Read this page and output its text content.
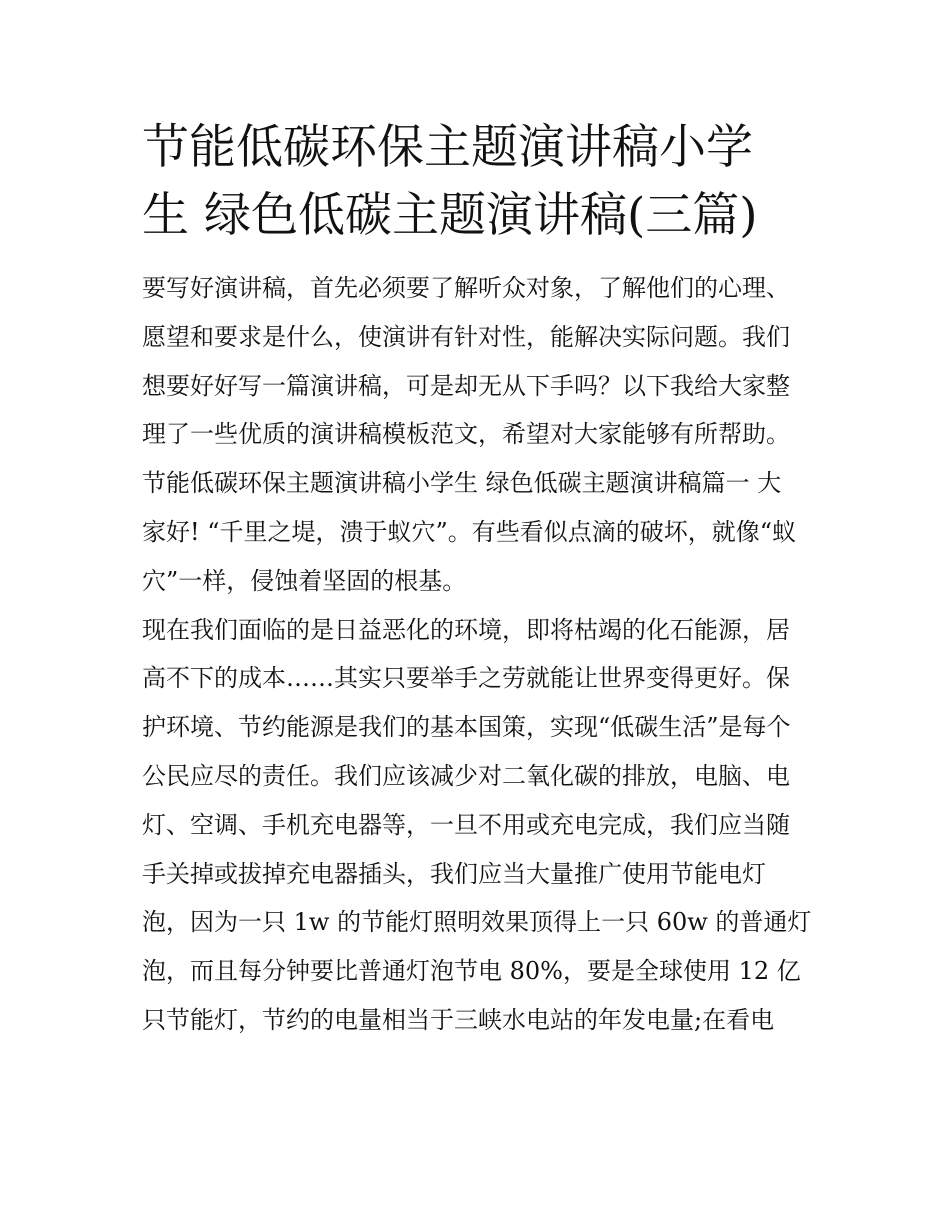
节能低碳环保主题演讲稿小学
生 绿色低碳主题演讲稿(三篇)

要写好演讲稿，首先必须要了解听众对象，了解他们的心理、
愿望和要求是什么，使演讲有针对性，能解决实际问题。我们
想要好好写一篇演讲稿，可是却无从下手吗？以下我给大家整
理了一些优质的演讲稿模板范文，希望对大家能够有所帮助。
节能低碳环保主题演讲稿小学生 绿色低碳主题演讲稿篇一 大
家好! “千里之堤，溃于蚁穴”。有些看似点滴的破坏，就像“蚁
穴”一样，侵蚀着坚固的根基。

现在我们面临的是日益恶化的环境，即将枯竭的化石能源，居
高不下的成本……其实只要举手之劳就能让世界变得更好。保
护环境、节约能源是我们的基本国策，实现“低碳生活”是每个
公民应尽的责任。我们应该减少对二氧化碳的排放，电脑、电
灯、空调、手机充电器等，一旦不用或充电完成，我们应当随
手关掉或拔掉充电器插头，我们应当大量推广使用节能电灯
泡，因为一只 1w 的节能灯照明效果顶得上一只 60w 的普通灯
泡，而且每分钟要比普通灯泡节电 80%，要是全球使用 12 亿
只节能灯，节约的电量相当于三峡水电站的年发电量;在看电
